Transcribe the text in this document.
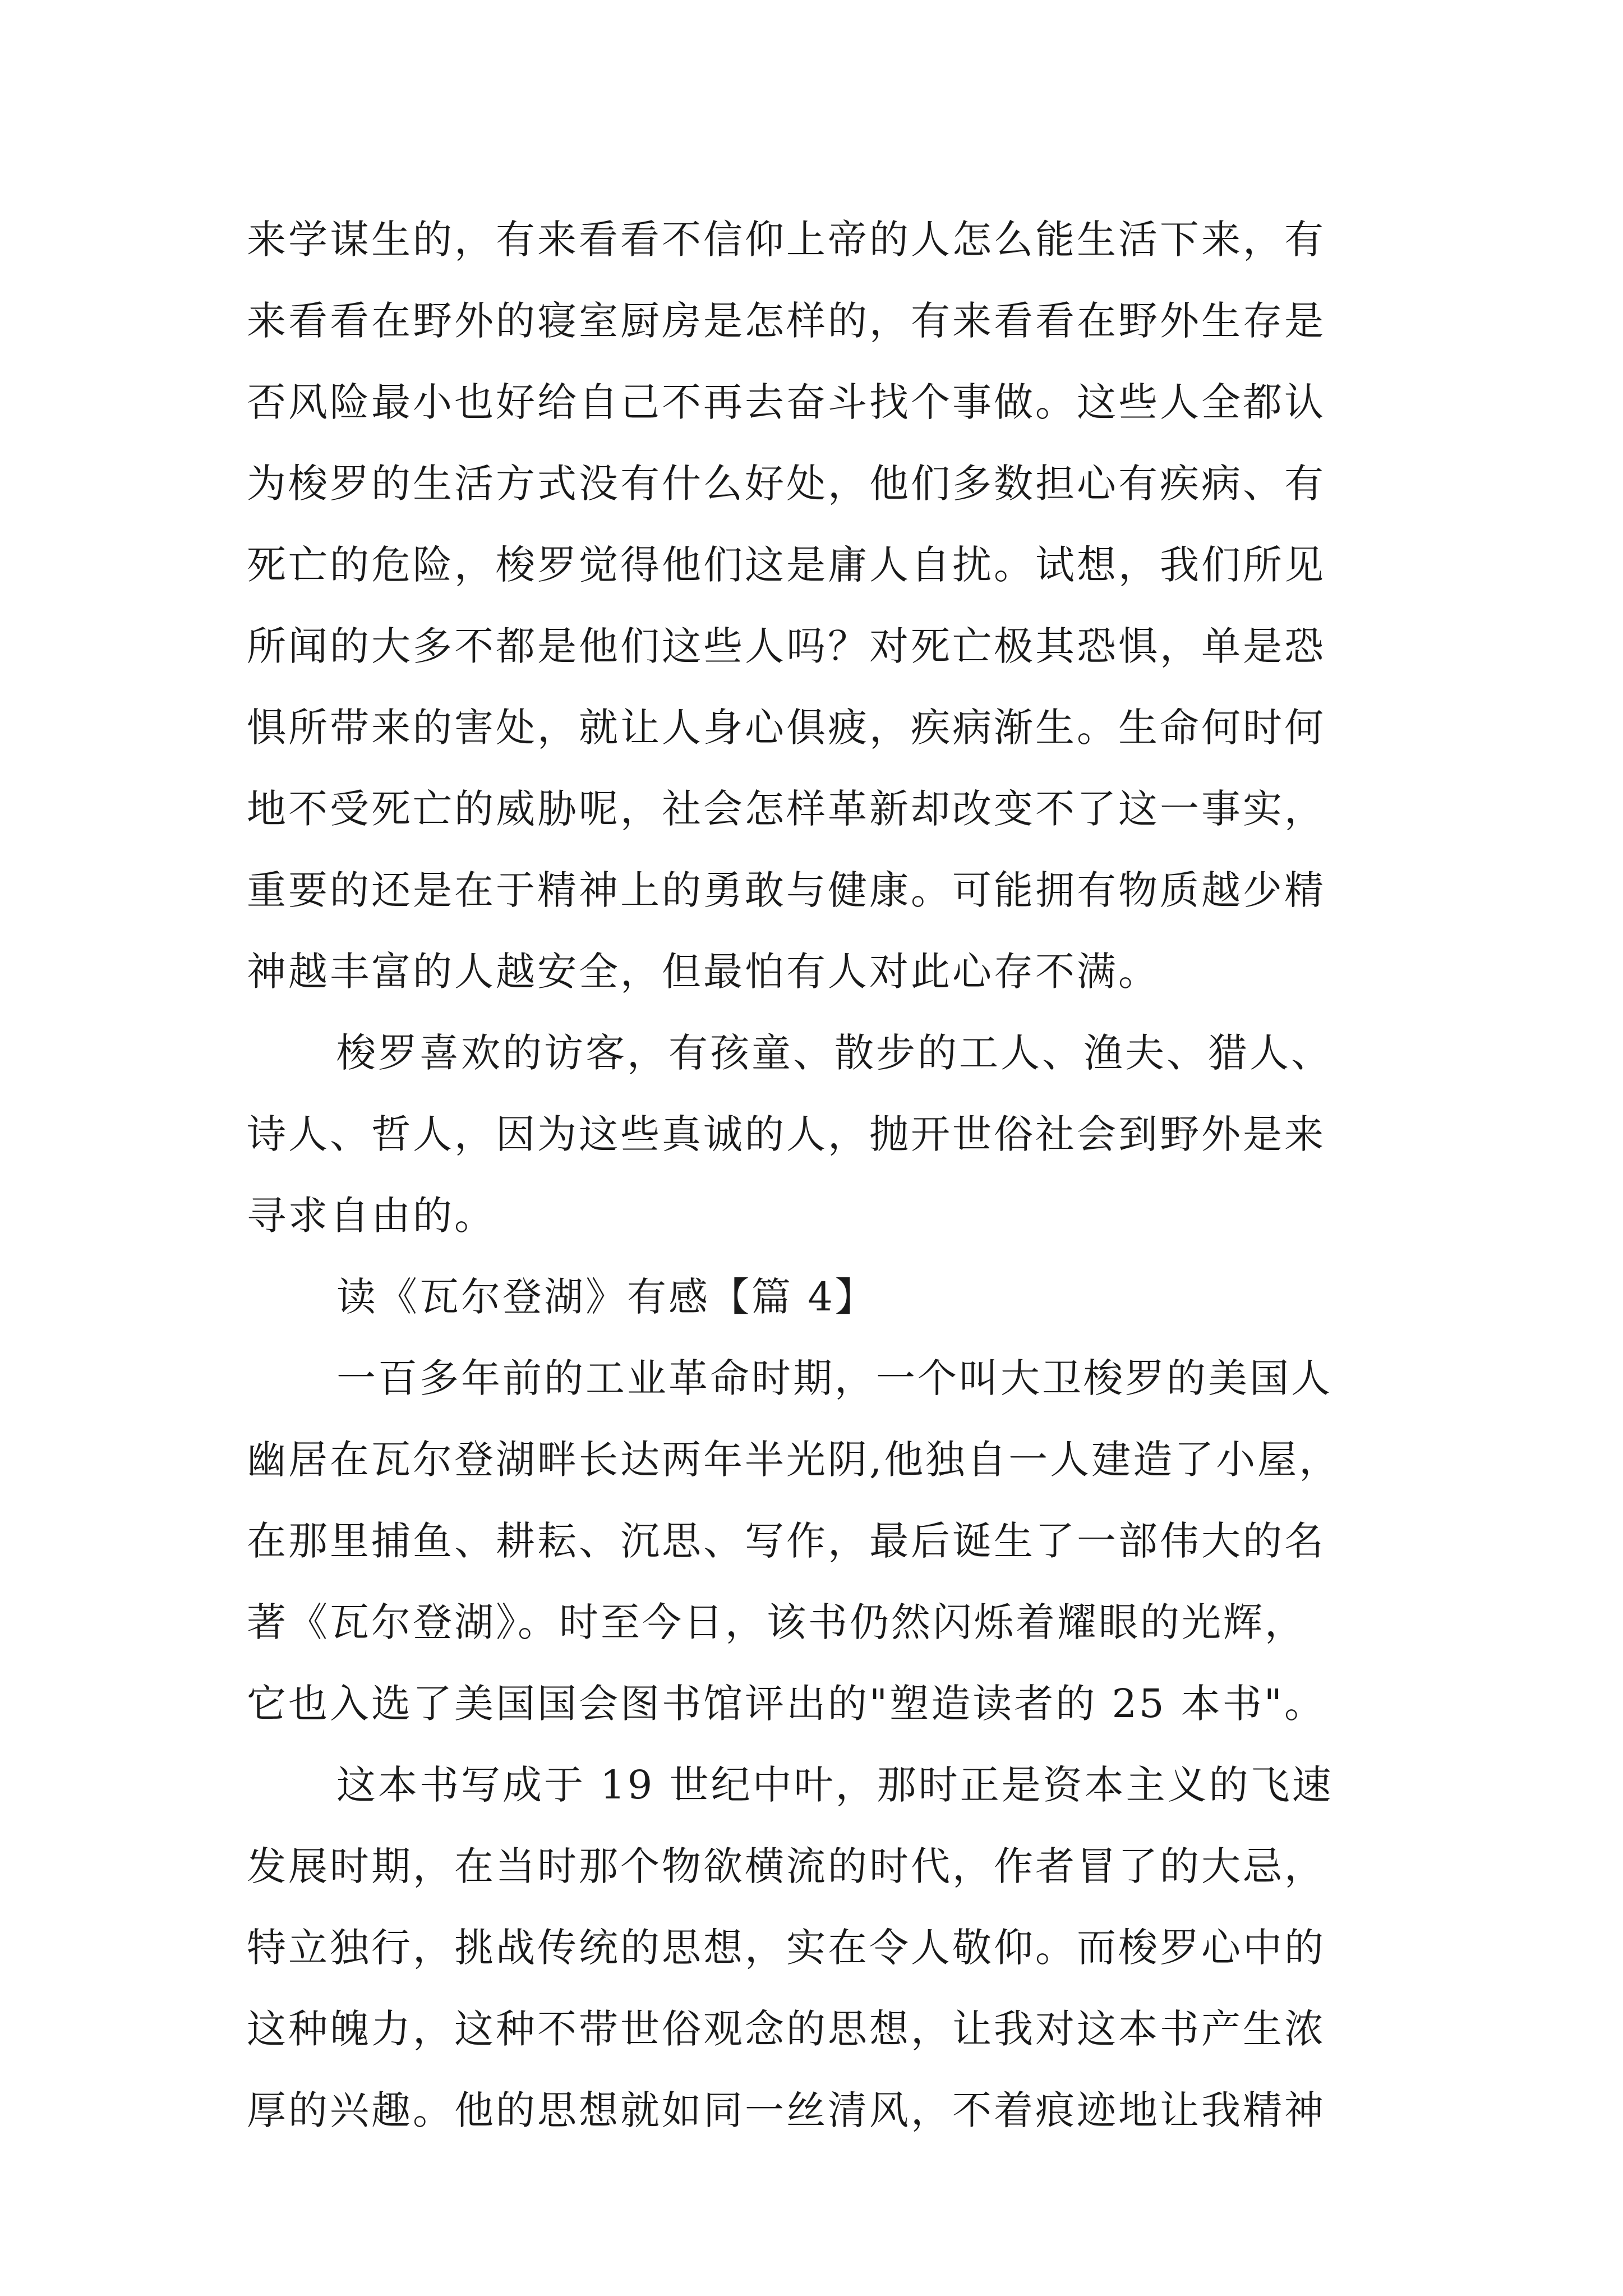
来学谋生的，有来看看不信仰上帝的人怎么能生活下来，有
来看看在野外的寝室厨房是怎样的，有来看看在野外生存是
否风险最小也好给自己不再去奋斗找个事做。这些人全都认
为梭罗的生活方式没有什么好处，他们多数担心有疾病、有
死亡的危险，梭罗觉得他们这是庸人自扰。试想，我们所见
所闻的大多不都是他们这些人吗？对死亡极其恐惧，单是恐
惧所带来的害处，就让人身心俱疲，疾病渐生。生命何时何
地不受死亡的威胁呢，社会怎样革新却改变不了这一事实，
重要的还是在于精神上的勇敢与健康。可能拥有物质越少精
神越丰富的人越安全，但最怕有人对此心存不满。
梭罗喜欢的访客，有孩童、散步的工人、渔夫、猎人、
诗人、哲人，因为这些真诚的人，抛开世俗社会到野外是来
寻求自由的。
读《瓦尔登湖》有感【篇 4】
一百多年前的工业革命时期，一个叫大卫梭罗的美国人
幽居在瓦尔登湖畔长达两年半光阴,他独自一人建造了小屋，
在那里捕鱼、耕耘、沉思、写作，最后诞生了一部伟大的名
著《瓦尔登湖》。时至今日，该书仍然闪烁着耀眼的光辉，
它也入选了美国国会图书馆评出的"塑造读者的 25 本书"。
这本书写成于 19 世纪中叶，那时正是资本主义的飞速
发展时期，在当时那个物欲横流的时代，作者冒了的大忌，
特立独行，挑战传统的思想，实在令人敬仰。而梭罗心中的
这种魄力，这种不带世俗观念的思想，让我对这本书产生浓
厚的兴趣。他的思想就如同一丝清风，不着痕迹地让我精神
